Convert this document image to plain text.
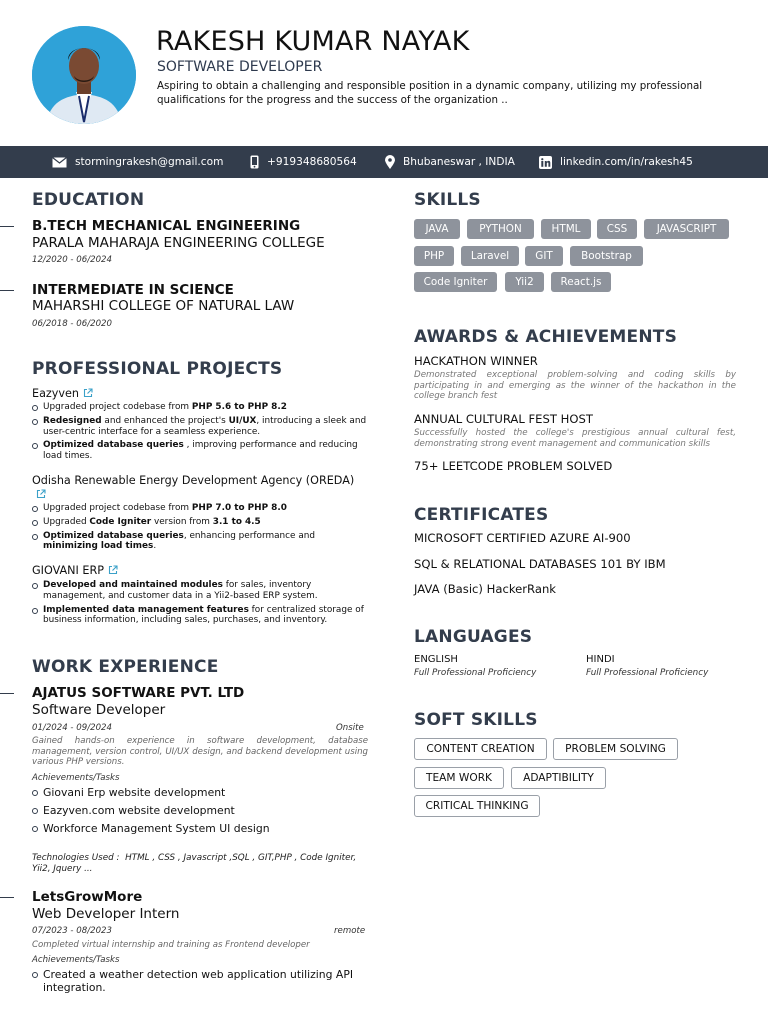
RAKESH KUMAR NAYAK
SOFTWARE DEVELOPER
Aspiring to obtain a challenging and responsible position in a dynamic company, utilizing my professional qualifications for the progress and the success of the organization ..
stormingrakesh@gmail.com	+919348680564	Bhubaneswar , INDIA	linkedin.com/in/rakesh45
EDUCATION
B.TECH MECHANICAL ENGINEERING
PARALA MAHARAJA ENGINEERING COLLEGE
12/2020 - 06/2024
INTERMEDIATE IN SCIENCE
MAHARSHI COLLEGE OF NATURAL LAW
06/2018 - 06/2020
PROFESSIONAL PROJECTS
Eazyven
Upgraded project codebase from PHP 5.6 to PHP 8.2
Redesigned and enhanced the project's UI/UX, introducing a sleek and user-centric interface for a seamless experience.
Optimized database queries , improving performance and reducing load times.
Odisha Renewable Energy Development Agency (OREDA)
Upgraded project codebase from PHP 7.0 to PHP 8.0
Upgraded Code Igniter version from 3.1 to 4.5
Optimized database queries, enhancing performance and minimizing load times.
GIOVANI ERP
Developed and maintained modules for sales, inventory management, and customer data in a Yii2-based ERP system.
Implemented data management features for centralized storage of business information, including sales, purchases, and inventory.
WORK EXPERIENCE
AJATUS SOFTWARE PVT. LTD
Software Developer
01/2024 - 09/2024	Onsite
Gained hands-on experience in software development, database management, version control, UI/UX design, and backend development using various PHP versions.
Achievements/Tasks
Giovani Erp website development
Eazyven.com website development
Workforce Management System UI design
Technologies Used : HTML , CSS , Javascript ,SQL , GIT,PHP , Code Igniter, Yii2, Jquery ...
LetsGrowMore
Web Developer Intern
07/2023 - 08/2023	remote
Completed virtual internship and training as Frontend developer
Achievements/Tasks
Created a weather detection web application utilizing API integration.
SKILLS
JAVA	PYTHON	HTML	CSS	JAVASCRIPT
PHP	Laravel	GIT	Bootstrap
Code Igniter	Yii2	React.js
AWARDS & ACHIEVEMENTS
HACKATHON WINNER
Demonstrated exceptional problem-solving and coding skills by participating in and emerging as the winner of the hackathon in the college branch fest
ANNUAL CULTURAL FEST HOST
Successfully hosted the college's prestigious annual cultural fest, demonstrating strong event management and communication skills
75+ LEETCODE PROBLEM SOLVED
CERTIFICATES
MICROSOFT CERTIFIED AZURE AI-900
SQL & RELATIONAL DATABASES 101 BY IBM
JAVA (Basic) HackerRank
LANGUAGES
ENGLISH
Full Professional Proficiency
HINDI
Full Professional Proficiency
SOFT SKILLS
CONTENT CREATION	PROBLEM SOLVING
TEAM WORK	ADAPTIBILITY
CRITICAL THINKING
